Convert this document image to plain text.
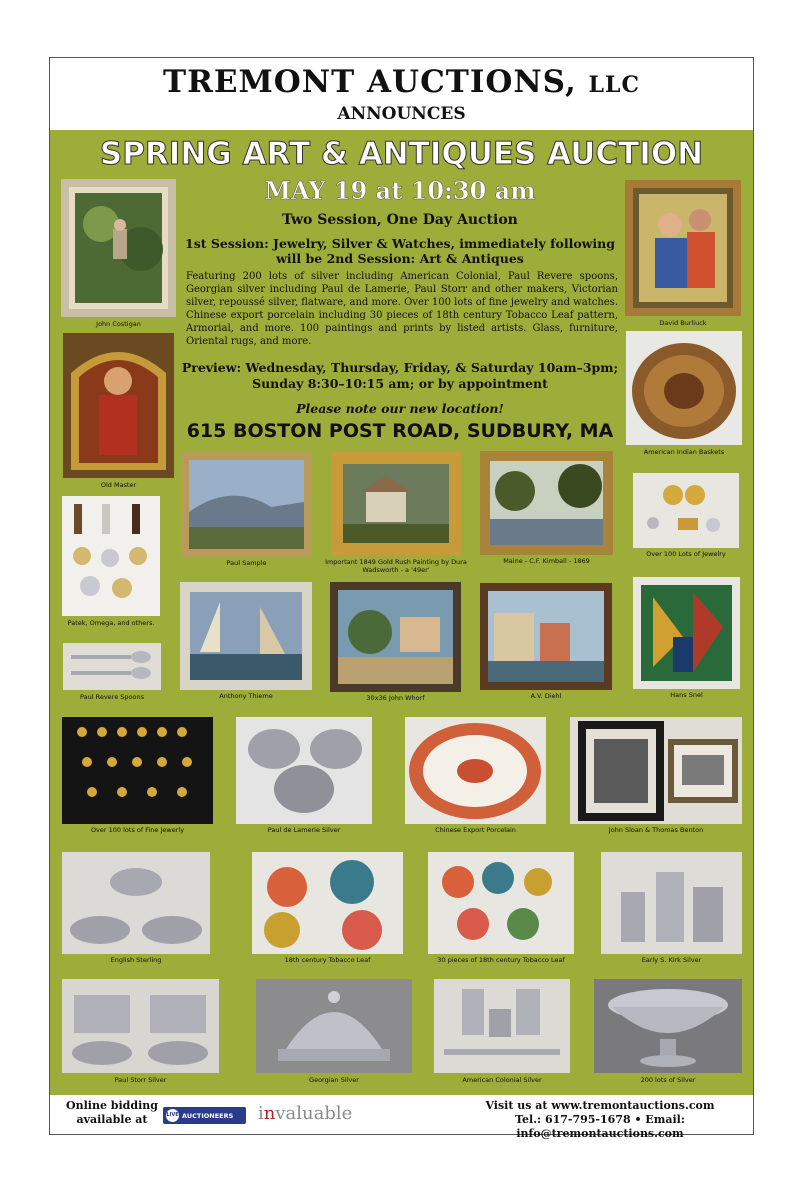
TREMONT AUCTIONS, LLC
ANNOUNCES
SPRING ART & ANTIQUES AUCTION
MAY 19 at 10:30 am
Two Session, One Day Auction
1st Session: Jewelry, Silver & Watches, immediately following
will be 2nd Session: Art & Antiques
Featuring 200 lots of silver including American Colonial, Paul Revere spoons, Georgian silver including Paul de Lamerie, Paul Storr and other makers, Victorian silver, repoussé silver, flatware, and more. Over 100 lots of fine jewelry and watches. Chinese export porcelain including 30 pieces of 18th century Tobacco Leaf pattern, Armorial, and more. 100 paintings and prints by listed artists. Glass, furniture, Oriental rugs, and more.
Preview: Wednesday, Thursday, Friday, & Saturday 10am–3pm;
Sunday 8:30–10:15 am; or by appointment
Please note our new location!
615 BOSTON POST ROAD, SUDBURY, MA
John Costigan	David Burliuck
Old Master
American Indian Baskets
Paul Sample	Important 1849 Gold Rush Painting by Dura Wadsworth - a '49er'
Maine - C.F. Kimball - 1869
Over 100 Lots of Jewelry
Patek, Omega, and others.
Anthony Thieme	30x36 John Whorf	A.V. Diehl	Hans Snel
Paul Revere Spoons
Over 100 lots of Fine Jewerly	Paul de Lamerie Silver	Chinese Export Porcelain	John Sloan & Thomas Benton
English Sterling	18th century Tobacco Leaf	30 pieces of 18th century Tobacco Leaf	Early S. Kirk Silver
Paul Storr Silver	Georgian Silver	American Colonial Silver	200 lots of Silver
Online bidding
available at	LIVE AUCTIONEERS invaluable	Visit us at www.tremontauctions.com
Tel.: 617-795-1678 • Email: info@tremontauctions.com
